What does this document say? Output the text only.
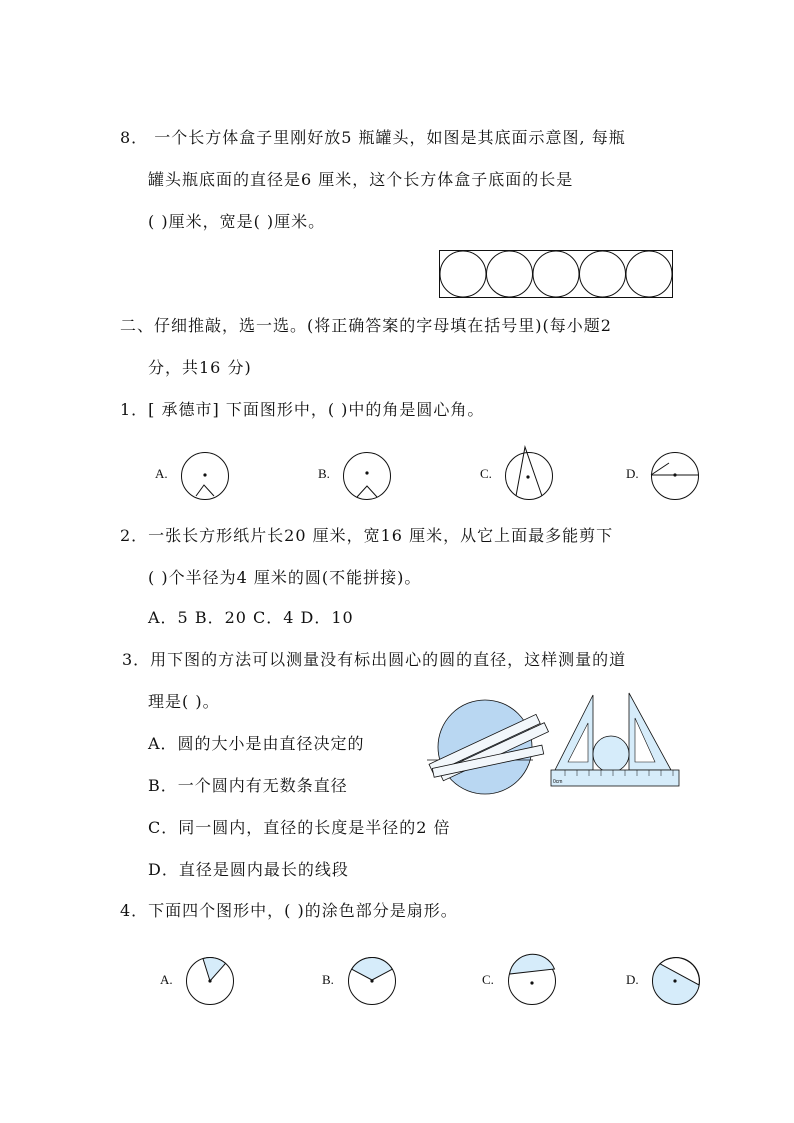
8． 一个长方体盒子里刚好放5 瓶罐头，如图是其底面示意图, 每瓶
罐头瓶底面的直径是6 厘米，这个长方体盒子底面的长是
( )厘米，宽是( )厘米。
二、仔细推敲，选一选。(将正确答案的字母填在括号里)(每小题2
分，共16 分)
1．[ 承德市] 下面图形中，( )中的角是圆心角。
A.	B.	C.	D.
2．一张长方形纸片长20 厘米，宽16 厘米，从它上面最多能剪下
( )个半径为4 厘米的圆(不能拼接)。
A．5 B．20 C．4 D．10
3．用下图的方法可以测量没有标出圆心的圆的直径，这样测量的道
理是( )。
A．圆的大小是由直径决定的
B．一个圆内有无数条直径
C．同一圆内，直径的长度是半径的2 倍
D．直径是圆内最长的线段
0cm
4．下面四个图形中，( )的涂色部分是扇形。
A.	B.	C.	D.
